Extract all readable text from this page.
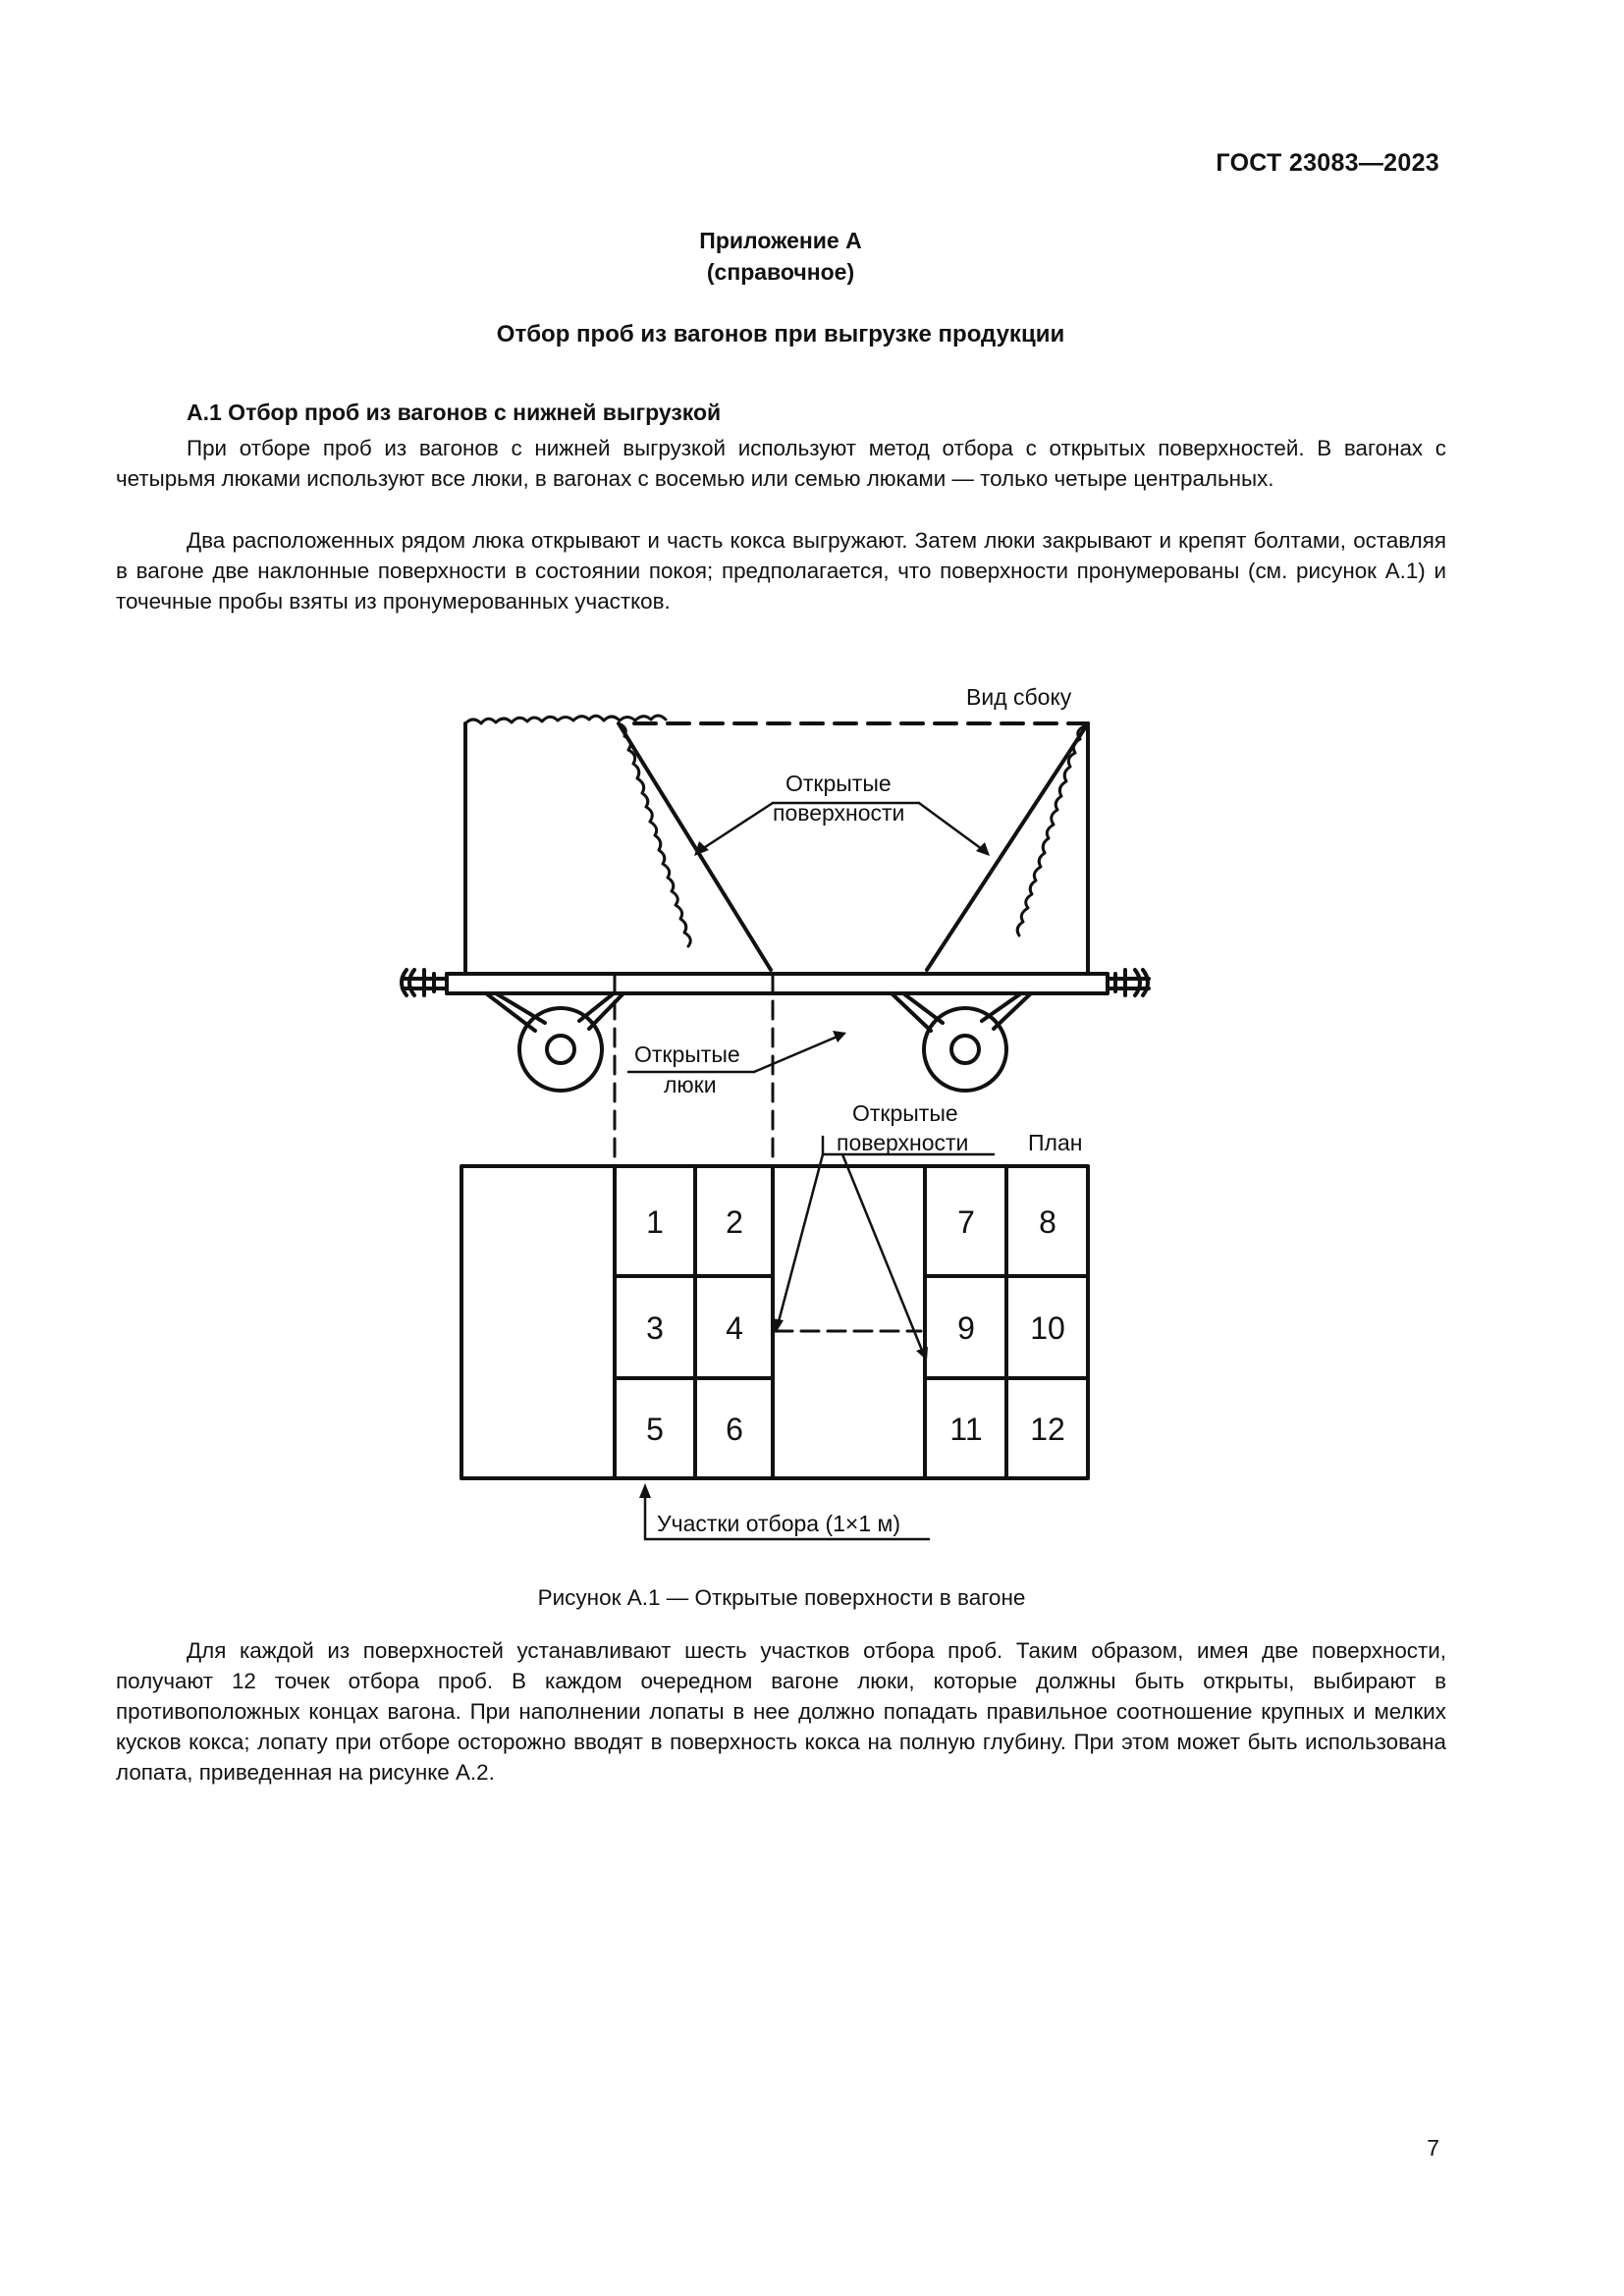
ГОСТ 23083—2023
Приложение А
(справочное)
Отбор проб из вагонов при выгрузке продукции
А.1 Отбор проб из вагонов с нижней выгрузкой

При отборе проб из вагонов с нижней выгрузкой используют метод отбора с открытых поверхностей. В вагонах с четырьмя люками используют все люки, в вагонах с восемью или семью люками — только четыре центральных.

Два расположенных рядом люка открывают и часть кокса выгружают. Затем люки закрывают и крепят болтами, оставляя в вагоне две наклонные поверхности в состоянии покоя; предполагается, что поверхности пронумерованы (см. рисунок А.1) и точечные пробы взяты из пронумерованных участков.

Вид сбоку
Открытые
поверхности
Открытые
люки
Открытые
поверхности	План
1 2
3 4
5 6
7 8
9 10
11 12
Участки отбора (1×1 м)
Рисунок А.1 — Открытые поверхности в вагоне

Для каждой из поверхностей устанавливают шесть участков отбора проб. Таким образом, имея две поверхности, получают 12 точек отбора проб. В каждом очередном вагоне люки, которые должны быть открыты, выбирают в противоположных концах вагона. При наполнении лопаты в нее должно попадать правильное соотношение крупных и мелких кусков кокса; лопату при отборе осторожно вводят в поверхность кокса на полную глубину. При этом может быть использована лопата, приведенная на рисунке А.2.

7
